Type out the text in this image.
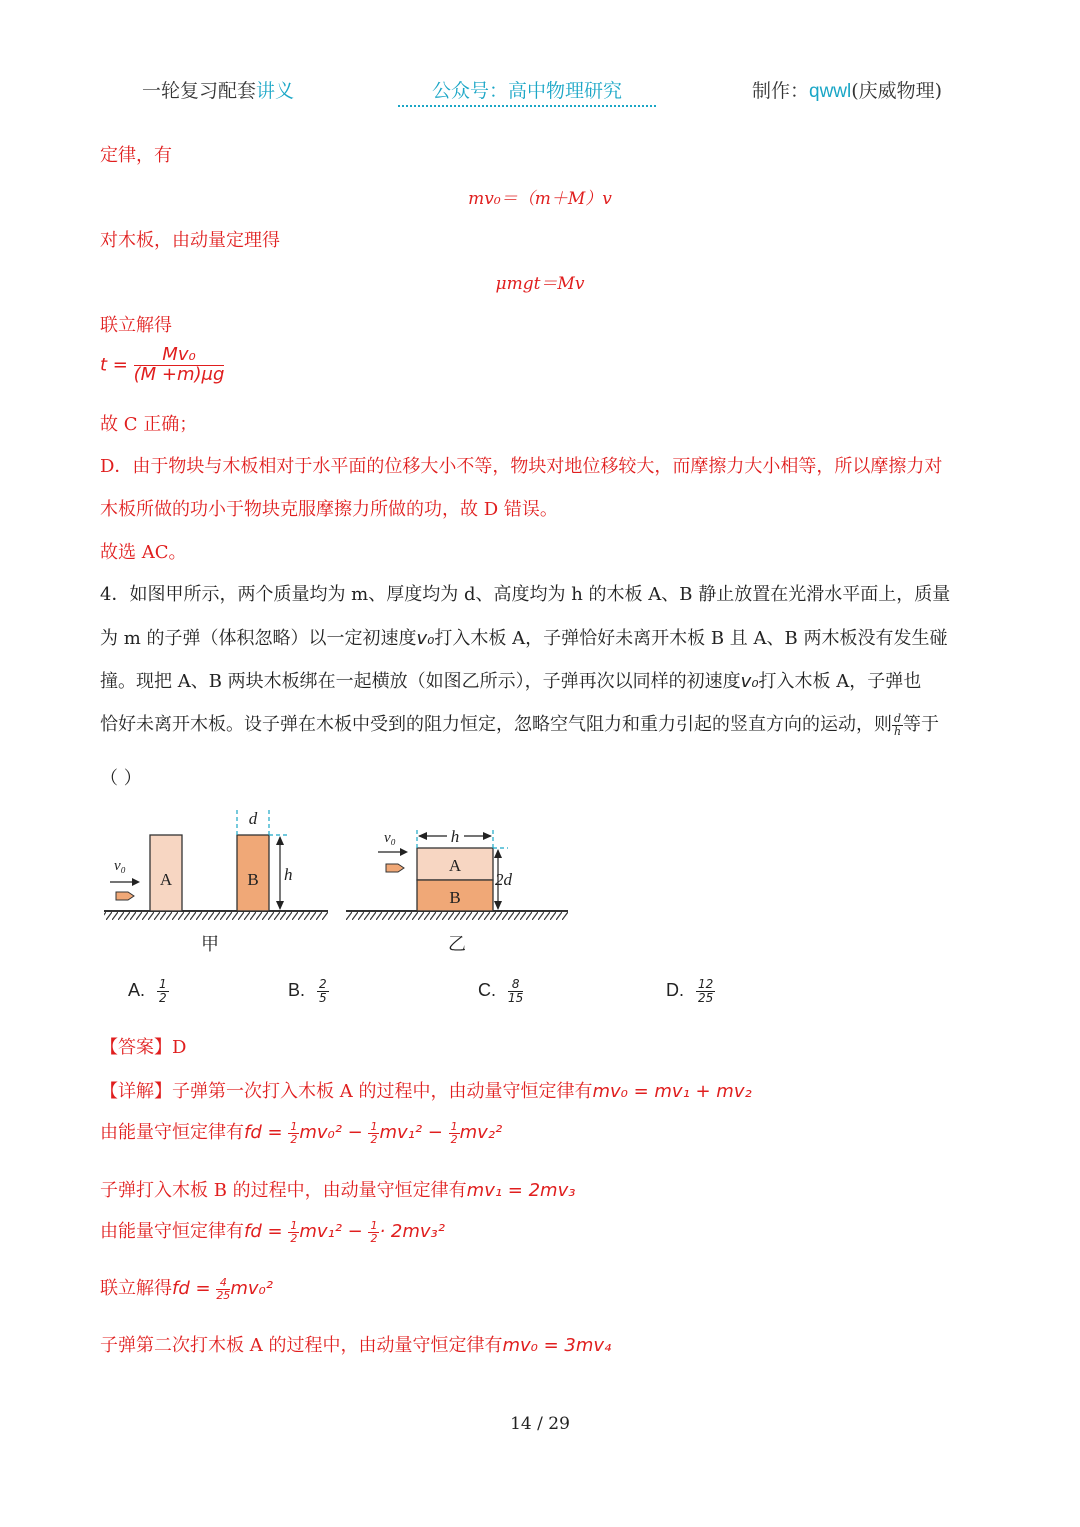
一轮复习配套讲义	公众号：高中物理研究	制作：qwwl(庆威物理)
定律，有
mv₀＝（m＋M）v
对木板，由动量定理得
μmgt＝Mv
联立解得
$t = \frac{\text{Mv₀}}{(M +m)\mu g}$
故 C 正确；
D．由于物块与木板相对于水平面的位移大小不等，物块对地位移较大，而摩擦力大小相等，所以摩擦力对
木板所做的功小于物块克服摩擦力所做的功，故 D 错误。
故选 AC。
4．如图甲所示，两个质量均为 m、厚度均为 d、高度均为 h 的木板 A、B 静止放置在光滑水平面上，质量
为 m 的子弹（体积忽略）以一定初速度v₀打入木板 A，子弹恰好未离开木板 B 且 A、B 两木板没有发生碰
撞。现把 A、B 两块木板绑在一起横放（如图乙所示），子弹再次以同样的初速度v₀打入木板 A，子弹也
恰好未离开木板。设子弹在木板中受到的阻力恒定，忽略空气阻力和重力引起的竖直方向的运动，则 $\frac{d}{h}$ 等于
（ ）
A	B
d
h
v₀
甲
A
B
h
2d
v₀
乙
A. $\frac{1}{2}$	B. $\frac{2}{5}$	C. $\frac{8}{15}$	D. $\frac{12}{25}$
【答案】D
【详解】子弹第一次打入木板 A 的过程中，由动量守恒定律有mv₀ = mv₁ + mv₂
由能量守恒定律有fd = $\frac{1}{2} mv_0^2 - \frac{1}{2} mv_1^2 - \frac{1}{2} mv_2^2$
子弹打入木板 B 的过程中，由动量守恒定律有mv₁ = 2mv₃
由能量守恒定律有fd = $\frac{1}{2} mv_1^2 - \frac{1}{2} \cdot 2mv_3^2$
联立解得fd = $\frac{4}{25} mv_0^2$
子弹第二次打木板 A 的过程中，由动量守恒定律有mv₀ = 3mv₄
14 / 29
